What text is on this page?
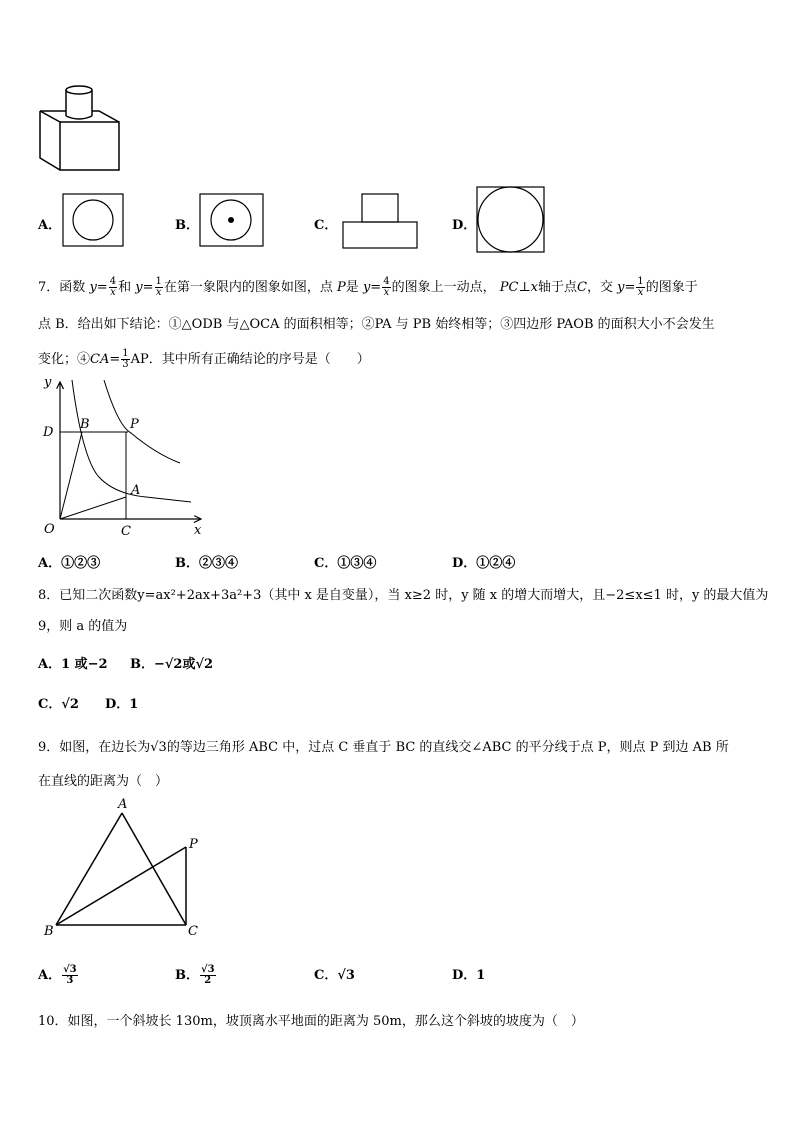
A．	B．	C．	D．
7．函数 $y= \frac{4}{x}$ 和 $y= \frac{1}{x}$ 在第一象限内的图象如图，点 P是 $y= \frac{4}{x}$ 的图象上一动点， PC⊥x轴于点C，交 $y= \frac{1}{x}$ 的图象于
点 B．给出如下结论：①△ODB 与△OCA 的面积相等；②PA 与 PB 始终相等；③四边形 PAOB 的面积大小不会发生
变化；④CA= $\frac{1}{3}$ AP．其中所有正确结论的序号是（　　）
y
x
O
D
B	P
A
C
A．①②③	B．②③④	C．①③④	D．①②④
8．已知二次函数y=ax²+2ax+3a²+3（其中 x 是自变量），当 x≥2 时，y 随 x 的增大而增大，且−2≤x≤1 时，y 的最大值为
9，则 a 的值为
A．1 或−2 B．−√2或√2
C．√2 D．1
9．如图，在边长为√3的等边三角形 ABC 中，过点 C 垂直于 BC 的直线交∠ABC 的平分线于点 P，则点 P 到边 AB 所
在直线的距离为（　）
A
B	C
P
A． $\frac{√3}{3}$	B． $\frac{√3}{2}$	C．√3	D．1
10．如图，一个斜坡长 130m，坡顶离水平地面的距离为 50m，那么这个斜坡的坡度为（　）
